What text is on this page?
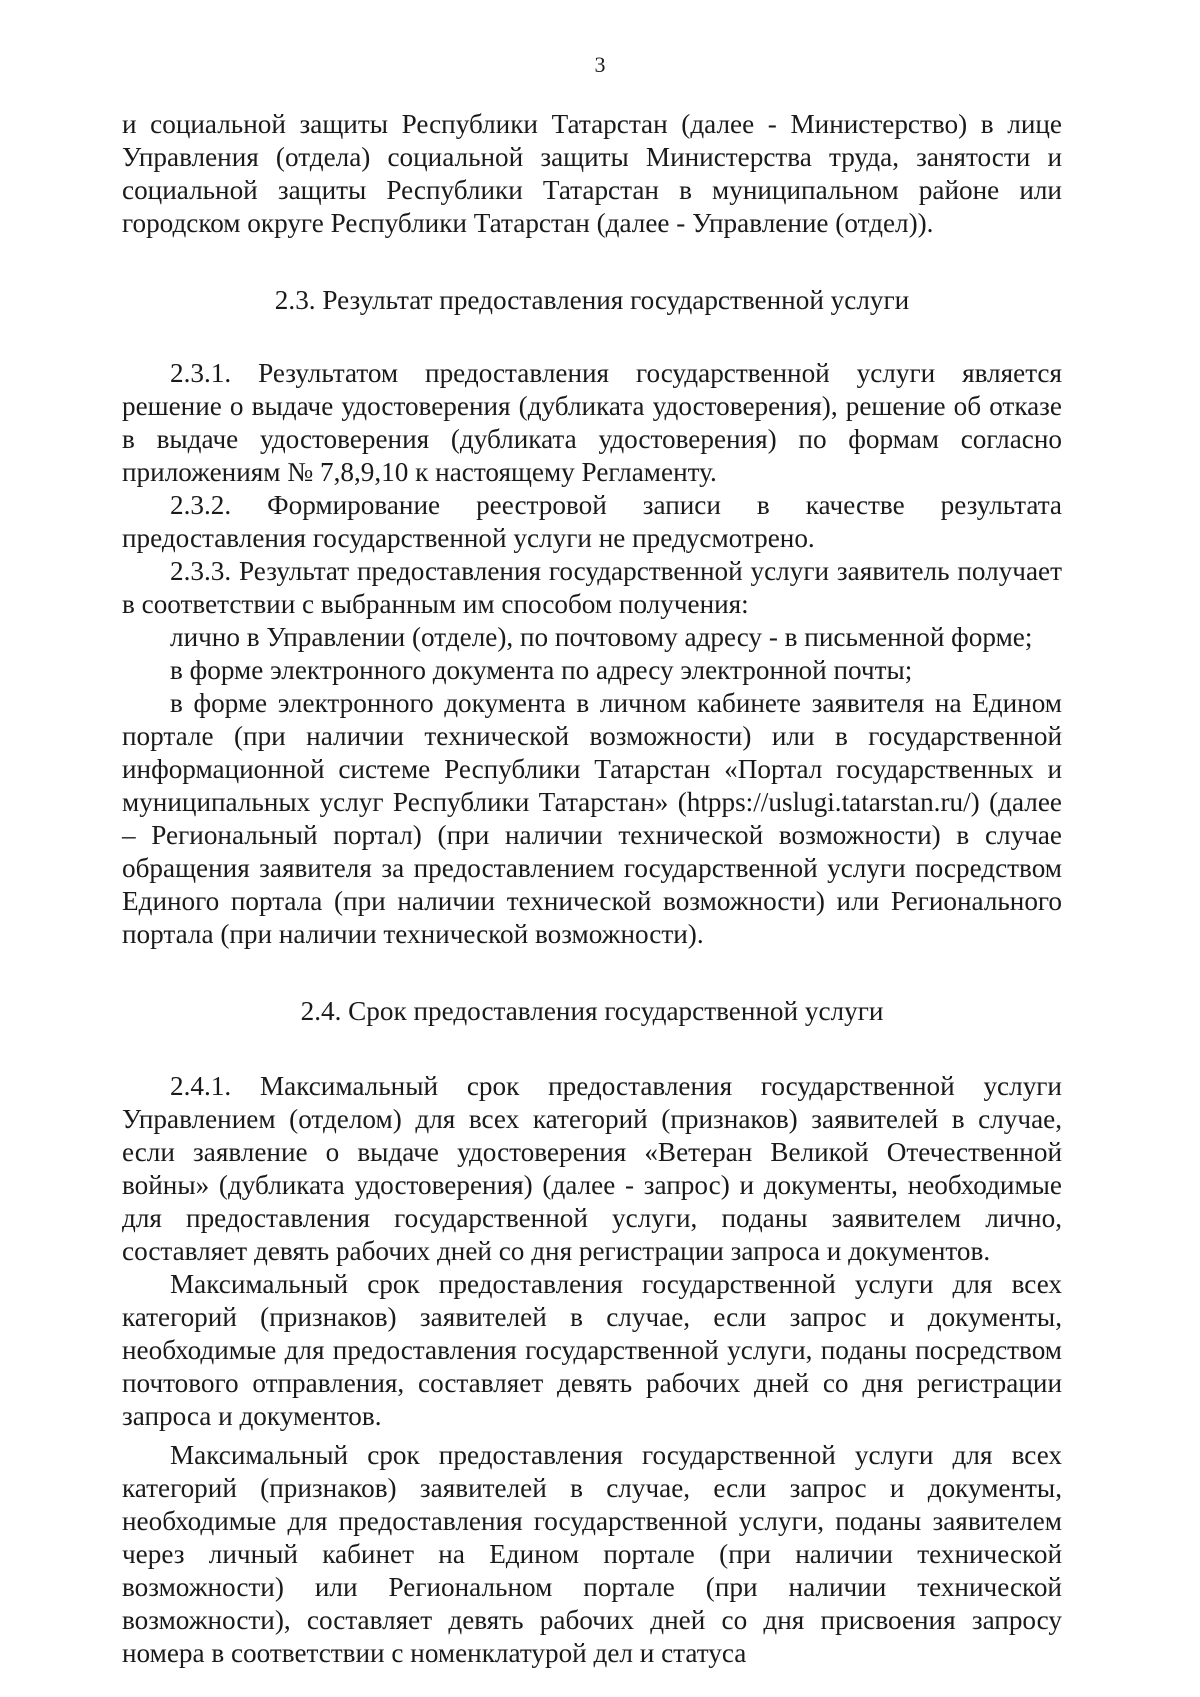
3

и социальной защиты Республики Татарстан (далее - Министерство) в лице Управления (отдела) социальной защиты Министерства труда, занятости и социальной защиты Республики Татарстан в муниципальном районе или городском округе Республики Татарстан (далее - Управление (отдел)).

2.3. Результат предоставления государственной услуги

2.3.1. Результатом предоставления государственной услуги является решение о выдаче удостоверения (дубликата удостоверения), решение об отказе в выдаче удостоверения (дубликата удостоверения) по формам согласно приложениям № 7,8,9,10 к настоящему Регламенту.

2.3.2. Формирование реестровой записи в качестве результата предоставления государственной услуги не предусмотрено.

2.3.3. Результат предоставления государственной услуги заявитель получает в соответствии с выбранным им способом получения:

лично в Управлении (отделе), по почтовому адресу - в письменной форме;

в форме электронного документа по адресу электронной почты;

в форме электронного документа в личном кабинете заявителя на Едином портале (при наличии технической возможности) или в государственной информационной системе Республики Татарстан «Портал государственных и муниципальных услуг Республики Татарстан» (htpps://uslugi.tatarstan.ru/) (далее – Региональный портал) (при наличии технической возможности) в случае обращения заявителя за предоставлением государственной услуги посредством Единого портала (при наличии технической возможности) или Регионального портала (при наличии технической возможности).

2.4. Срок предоставления государственной услуги

2.4.1. Максимальный срок предоставления государственной услуги Управлением (отделом) для всех категорий (признаков) заявителей в случае, если заявление о выдаче удостоверения «Ветеран Великой Отечественной войны» (дубликата удостоверения) (далее - запрос) и документы, необходимые для предоставления государственной услуги, поданы заявителем лично, составляет девять рабочих дней со дня регистрации запроса и документов.

Максимальный срок предоставления государственной услуги для всех категорий (признаков) заявителей в случае, если запрос и документы, необходимые для предоставления государственной услуги, поданы посредством почтового отправления, составляет девять рабочих дней со дня регистрации запроса и документов.

Максимальный срок предоставления государственной услуги для всех категорий (признаков) заявителей в случае, если запрос и документы, необходимые для предоставления государственной услуги, поданы заявителем через личный кабинет на Едином портале (при наличии технической возможности) или Региональном портале (при наличии технической возможности), составляет девять рабочих дней со дня присвоения запросу номера в соответствии с номенклатурой дел и статуса
